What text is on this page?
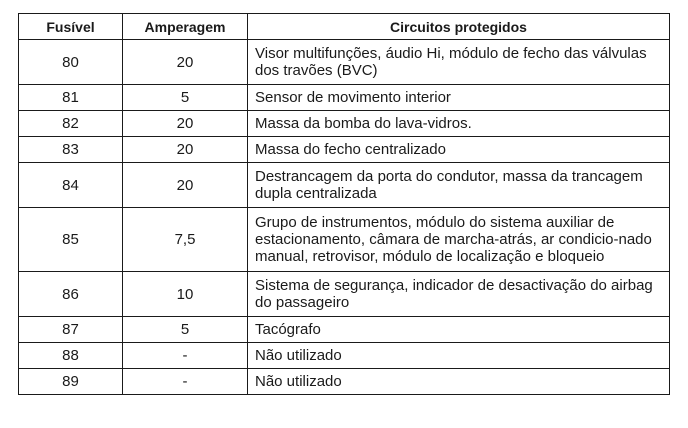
Fusível	Amperagem	Circuitos protegidos
80	20	Visor multifunções, áudio Hi, módulo de fecho das válvulas dos travões (BVC)
81	5	Sensor de movimento interior
82	20	Massa da bomba do lava-vidros.
83	20	Massa do fecho centralizado
84	20	Destrancagem da porta do condutor, massa da trancagem dupla centralizada
85	7,5	Grupo de instrumentos, módulo do sistema auxiliar de estacionamento, câmara de marcha-atrás, ar condicio-nado manual, retrovisor, módulo de localização e bloqueio
86	10	Sistema de segurança, indicador de desactivação do airbag do passageiro
87	5	Tacógrafo
88	-	Não utilizado
89	-	Não utilizado
